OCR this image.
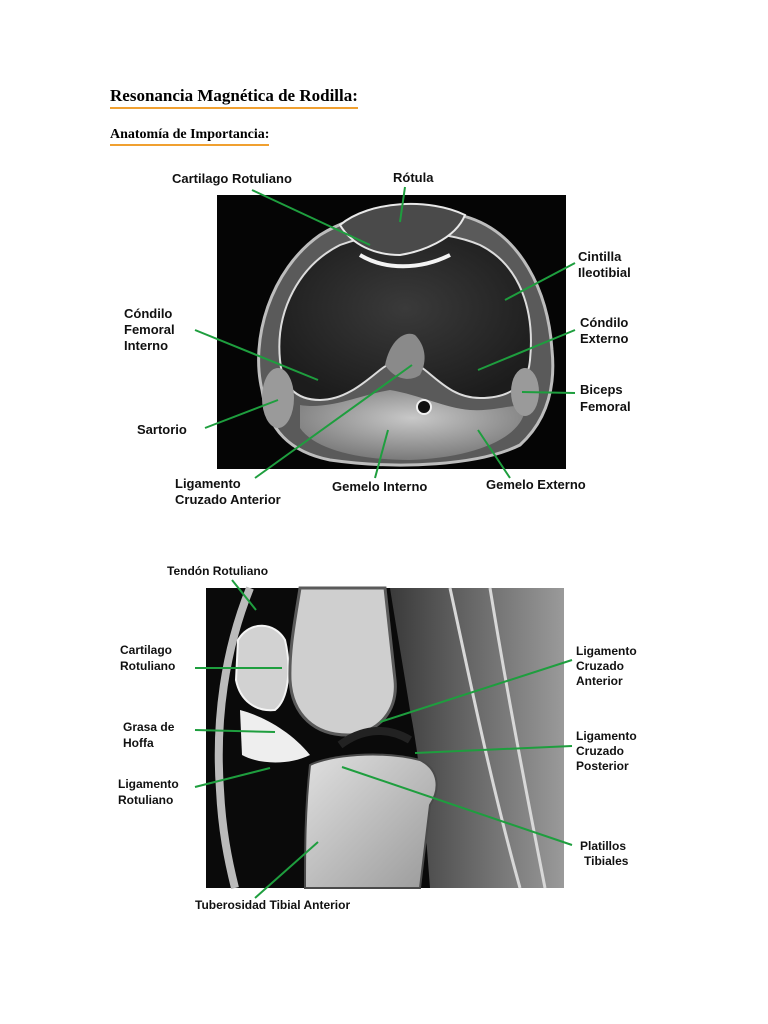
Resonancia Magnética de Rodilla:
Anatomía de Importancia:
Cartilago Rotuliano	Rótula
Cintilla
Ileotibial
Cóndilo
Femoral
Interno
Cóndilo
Externo
Biceps
Femoral
Sartorio
Ligamento
Cruzado Anterior
Gemelo Interno	Gemelo Externo
Tendón Rotuliano
Cartilago
Rotuliano
Grasa de
Hoffa
Ligamento
Rotuliano
Ligamento
Cruzado
Anterior
Ligamento
Cruzado
Posterior
Platillos
Tibiales
Tuberosidad Tibial Anterior
